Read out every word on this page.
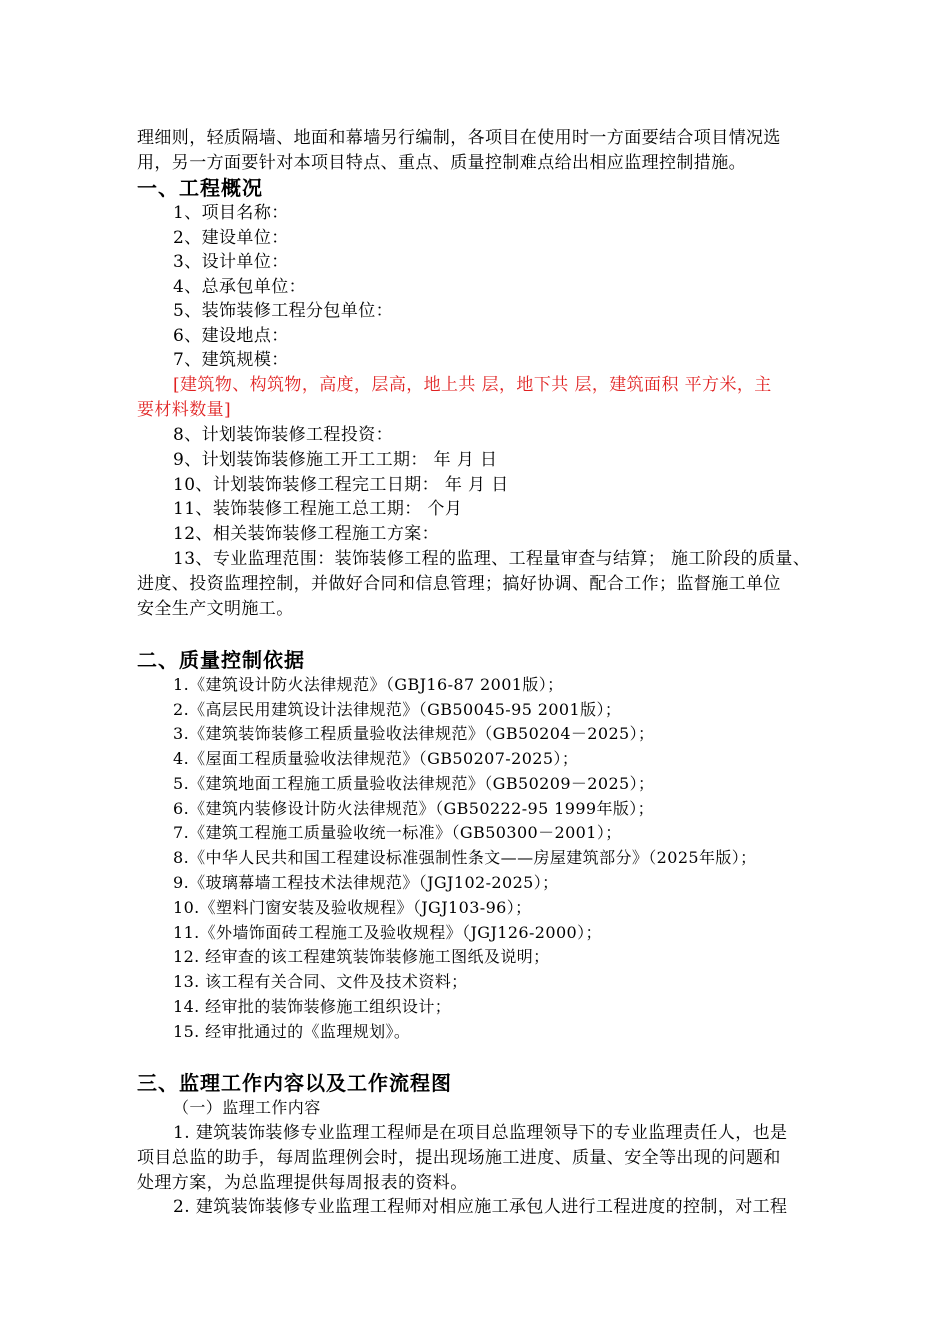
理细则，轻质隔墙、地面和幕墙另行编制，各项目在使用时一方面要结合项目情况选
用，另一方面要针对本项目特点、重点、质量控制难点给出相应监理控制措施。
一、工程概况
1、项目名称：
2、建设单位：
3、设计单位：
4、总承包单位：
5、装饰装修工程分包单位：
6、建设地点：
7、建筑规模：
[建筑物、构筑物，高度，层高，地上共 层，地下共 层，建筑面积 平方米，主
要材料数量]
8、计划装饰装修工程投资：
9、计划装饰装修施工开工工期： 年 月 日
10、计划装饰装修工程完工日期： 年 月 日
11、装饰装修工程施工总工期： 个月
12、相关装饰装修工程施工方案：
13、专业监理范围：装饰装修工程的监理、工程量审查与结算； 施工阶段的质量、
进度、投资监理控制，并做好合同和信息管理；搞好协调、配合工作；监督施工单位
安全生产文明施工。
二、质量控制依据
1.《建筑设计防火法律规范》（GBJ16-87 2001版）；
2.《高层民用建筑设计法律规范》（GB50045-95 2001版）；
3.《建筑装饰装修工程质量验收法律规范》（GB50204－2025）；
4.《屋面工程质量验收法律规范》（GB50207-2025）；
5.《建筑地面工程施工质量验收法律规范》（GB50209－2025）；
6.《建筑内装修设计防火法律规范》（GB50222-95 1999年版）；
7.《建筑工程施工质量验收统一标准》（GB50300－2001）；
8.《中华人民共和国工程建设标准强制性条文——房屋建筑部分》（2025年版）；
9.《玻璃幕墙工程技术法律规范》（JGJ102-2025）；
10.《塑料门窗安装及验收规程》（JGJ103-96）；
11.《外墙饰面砖工程施工及验收规程》（JGJ126-2000）；
12. 经审查的该工程建筑装饰装修施工图纸及说明；
13. 该工程有关合同、文件及技术资料；
14. 经审批的装饰装修施工组织设计；
15. 经审批通过的《监理规划》。
三、监理工作内容以及工作流程图
（一）监理工作内容
1. 建筑装饰装修专业监理工程师是在项目总监理领导下的专业监理责任人，也是
项目总监的助手，每周监理例会时，提出现场施工进度、质量、安全等出现的问题和
处理方案，为总监理提供每周报表的资料。
2. 建筑装饰装修专业监理工程师对相应施工承包人进行工程进度的控制，对工程
